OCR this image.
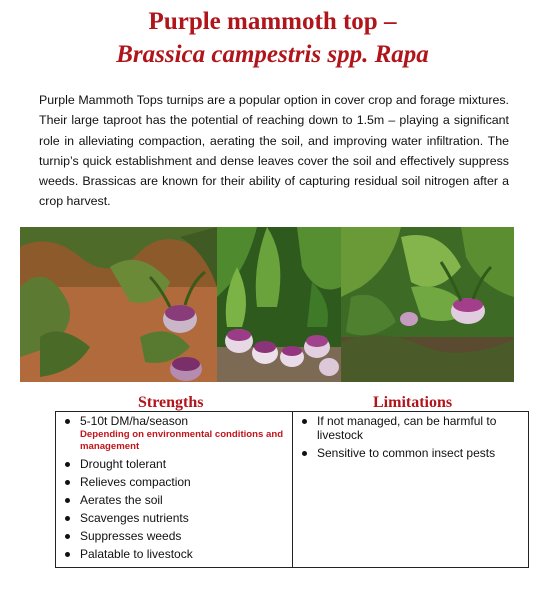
Purple mammoth top –
Brassica campestris spp. Rapa

Purple Mammoth Tops turnips are a popular option in cover crop and forage mixtures. Their large taproot has the potential of reaching down to 1.5m – playing a significant role in alleviating compaction, aerating the soil, and improving water infiltration. The turnip’s quick establishment and dense leaves cover the soil and effectively suppress weeds. Brassicas are known for their ability of capturing residual soil nitrogen after a crop harvest.

Strengths	Limitations
5-10t DM/ha/season
Depending on environmental conditions and management
Drought tolerant
Relieves compaction
Aerates the soil
Scavenges nutrients
Suppresses weeds
Palatable to livestock
If not managed, can be harmful to livestock
Sensitive to common insect pests
